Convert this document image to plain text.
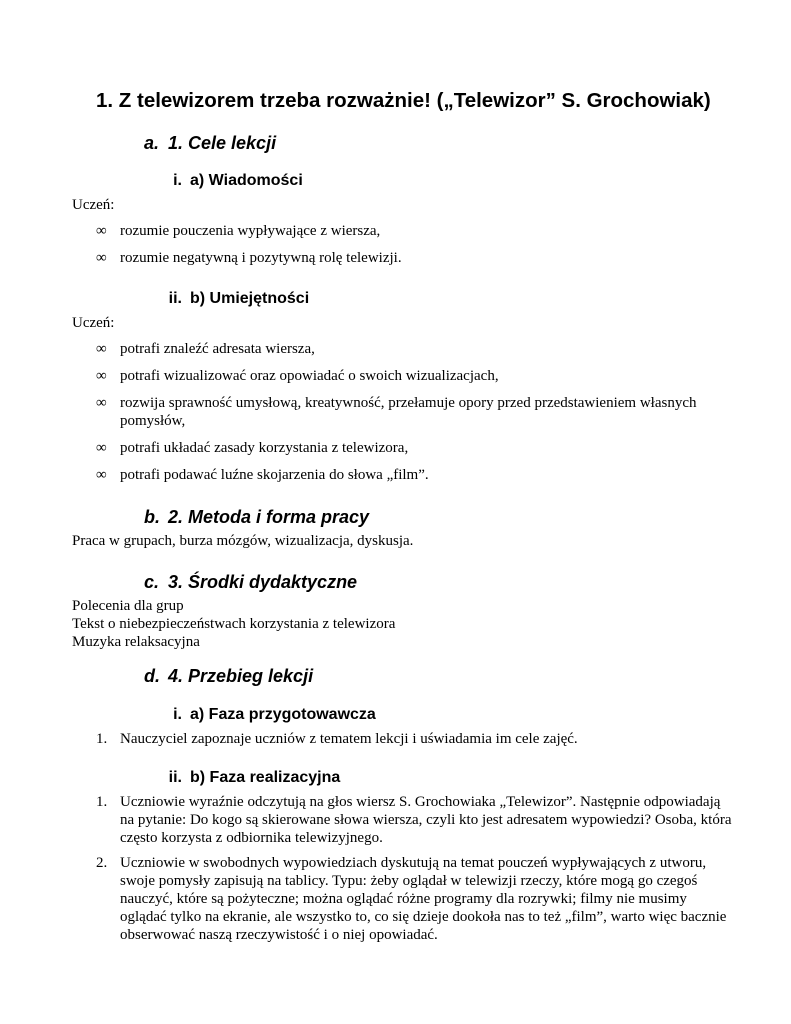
1. Z telewizorem trzeba rozważnie! („Telewizor” S. Grochowiak)
a. 1. Cele lekcji
i. a) Wiadomości
Uczeń:
∞ rozumie pouczenia wypływające z wiersza,
∞ rozumie negatywną i pozytywną rolę telewizji.
ii. b) Umiejętności
Uczeń:
∞ potrafi znaleźć adresata wiersza,
∞ potrafi wizualizować oraz opowiadać o swoich wizualizacjach,
∞ rozwija sprawność umysłową, kreatywność, przełamuje opory przed przedstawieniem własnych pomysłów,
∞ potrafi układać zasady korzystania z telewizora,
∞ potrafi podawać luźne skojarzenia do słowa „film”.
b. 2. Metoda i forma pracy
Praca w grupach, burza mózgów, wizualizacja, dyskusja.
c. 3. Środki dydaktyczne
Polecenia dla grup
Tekst o niebezpieczeństwach korzystania z telewizora
Muzyka relaksacyjna
d. 4. Przebieg lekcji
i. a) Faza przygotowawcza
1. Nauczyciel zapoznaje uczniów z tematem lekcji i uświadamia im cele zajęć.
ii. b) Faza realizacyjna
1. Uczniowie wyraźnie odczytują na głos wiersz S. Grochowiaka „Telewizor”. Następnie odpowiadają na pytanie: Do kogo są skierowane słowa wiersza, czyli kto jest adresatem wypowiedzi? Osoba, która często korzysta z odbiornika telewizyjnego.
2. Uczniowie w swobodnych wypowiedziach dyskutują na temat pouczeń wypływających z utworu, swoje pomysły zapisują na tablicy. Typu: żeby oglądał w telewizji rzeczy, które mogą go czegoś nauczyć, które są pożyteczne; można oglądać różne programy dla rozrywki; filmy nie musimy oglądać tylko na ekranie, ale wszystko to, co się dzieje dookoła nas to też „film”, warto więc bacznie obserwować naszą rzeczywistość i o niej opowiadać.
